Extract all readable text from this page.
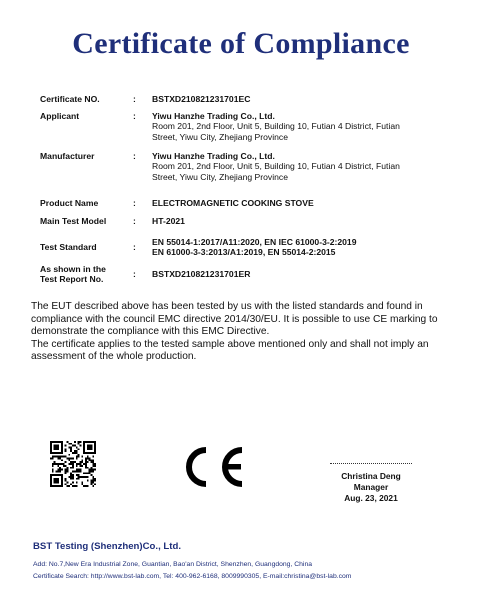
Certificate of Compliance
Certificate NO.	: BSTXD210821231701EC
Applicant	: Yiwu Hanzhe Trading Co., Ltd.
Room 201, 2nd Floor, Unit 5, Building 10, Futian 4 District, Futian
Street, Yiwu City, Zhejiang Province
Manufacturer	: Yiwu Hanzhe Trading Co., Ltd.
Room 201, 2nd Floor, Unit 5, Building 10, Futian 4 District, Futian
Street, Yiwu City, Zhejiang Province
Product Name	: ELECTROMAGNETIC COOKING STOVE
Main Test Model	: HT-2021
Test Standard	: EN 55014-1:2017/A11:2020, EN IEC 61000-3-2:2019
EN 61000-3-3:2013/A1:2019, EN 55014-2:2015
As shown in the
Test Report No.
: BSTXD210821231701ER

The EUT described above has been tested by us with the listed standards and found in compliance with the council EMC directive 2014/30/EU. It is possible to use CE marking to demonstrate the compliance with this EMC Directive.

The certificate applies to the tested sample above mentioned only and shall not imply an assessment of the whole production.

Christina Deng
Manager
Aug. 23, 2021
BST Testing (Shenzhen)Co., Ltd.
Add: No.7,New Era Industrial Zone, Guantian, Bao'an District, Shenzhen, Guangdong, China
Certificate Search: http://www.bst-lab.com, Tel: 400-962-6168, 8009990305, E-mail:christina@bst-lab.com
